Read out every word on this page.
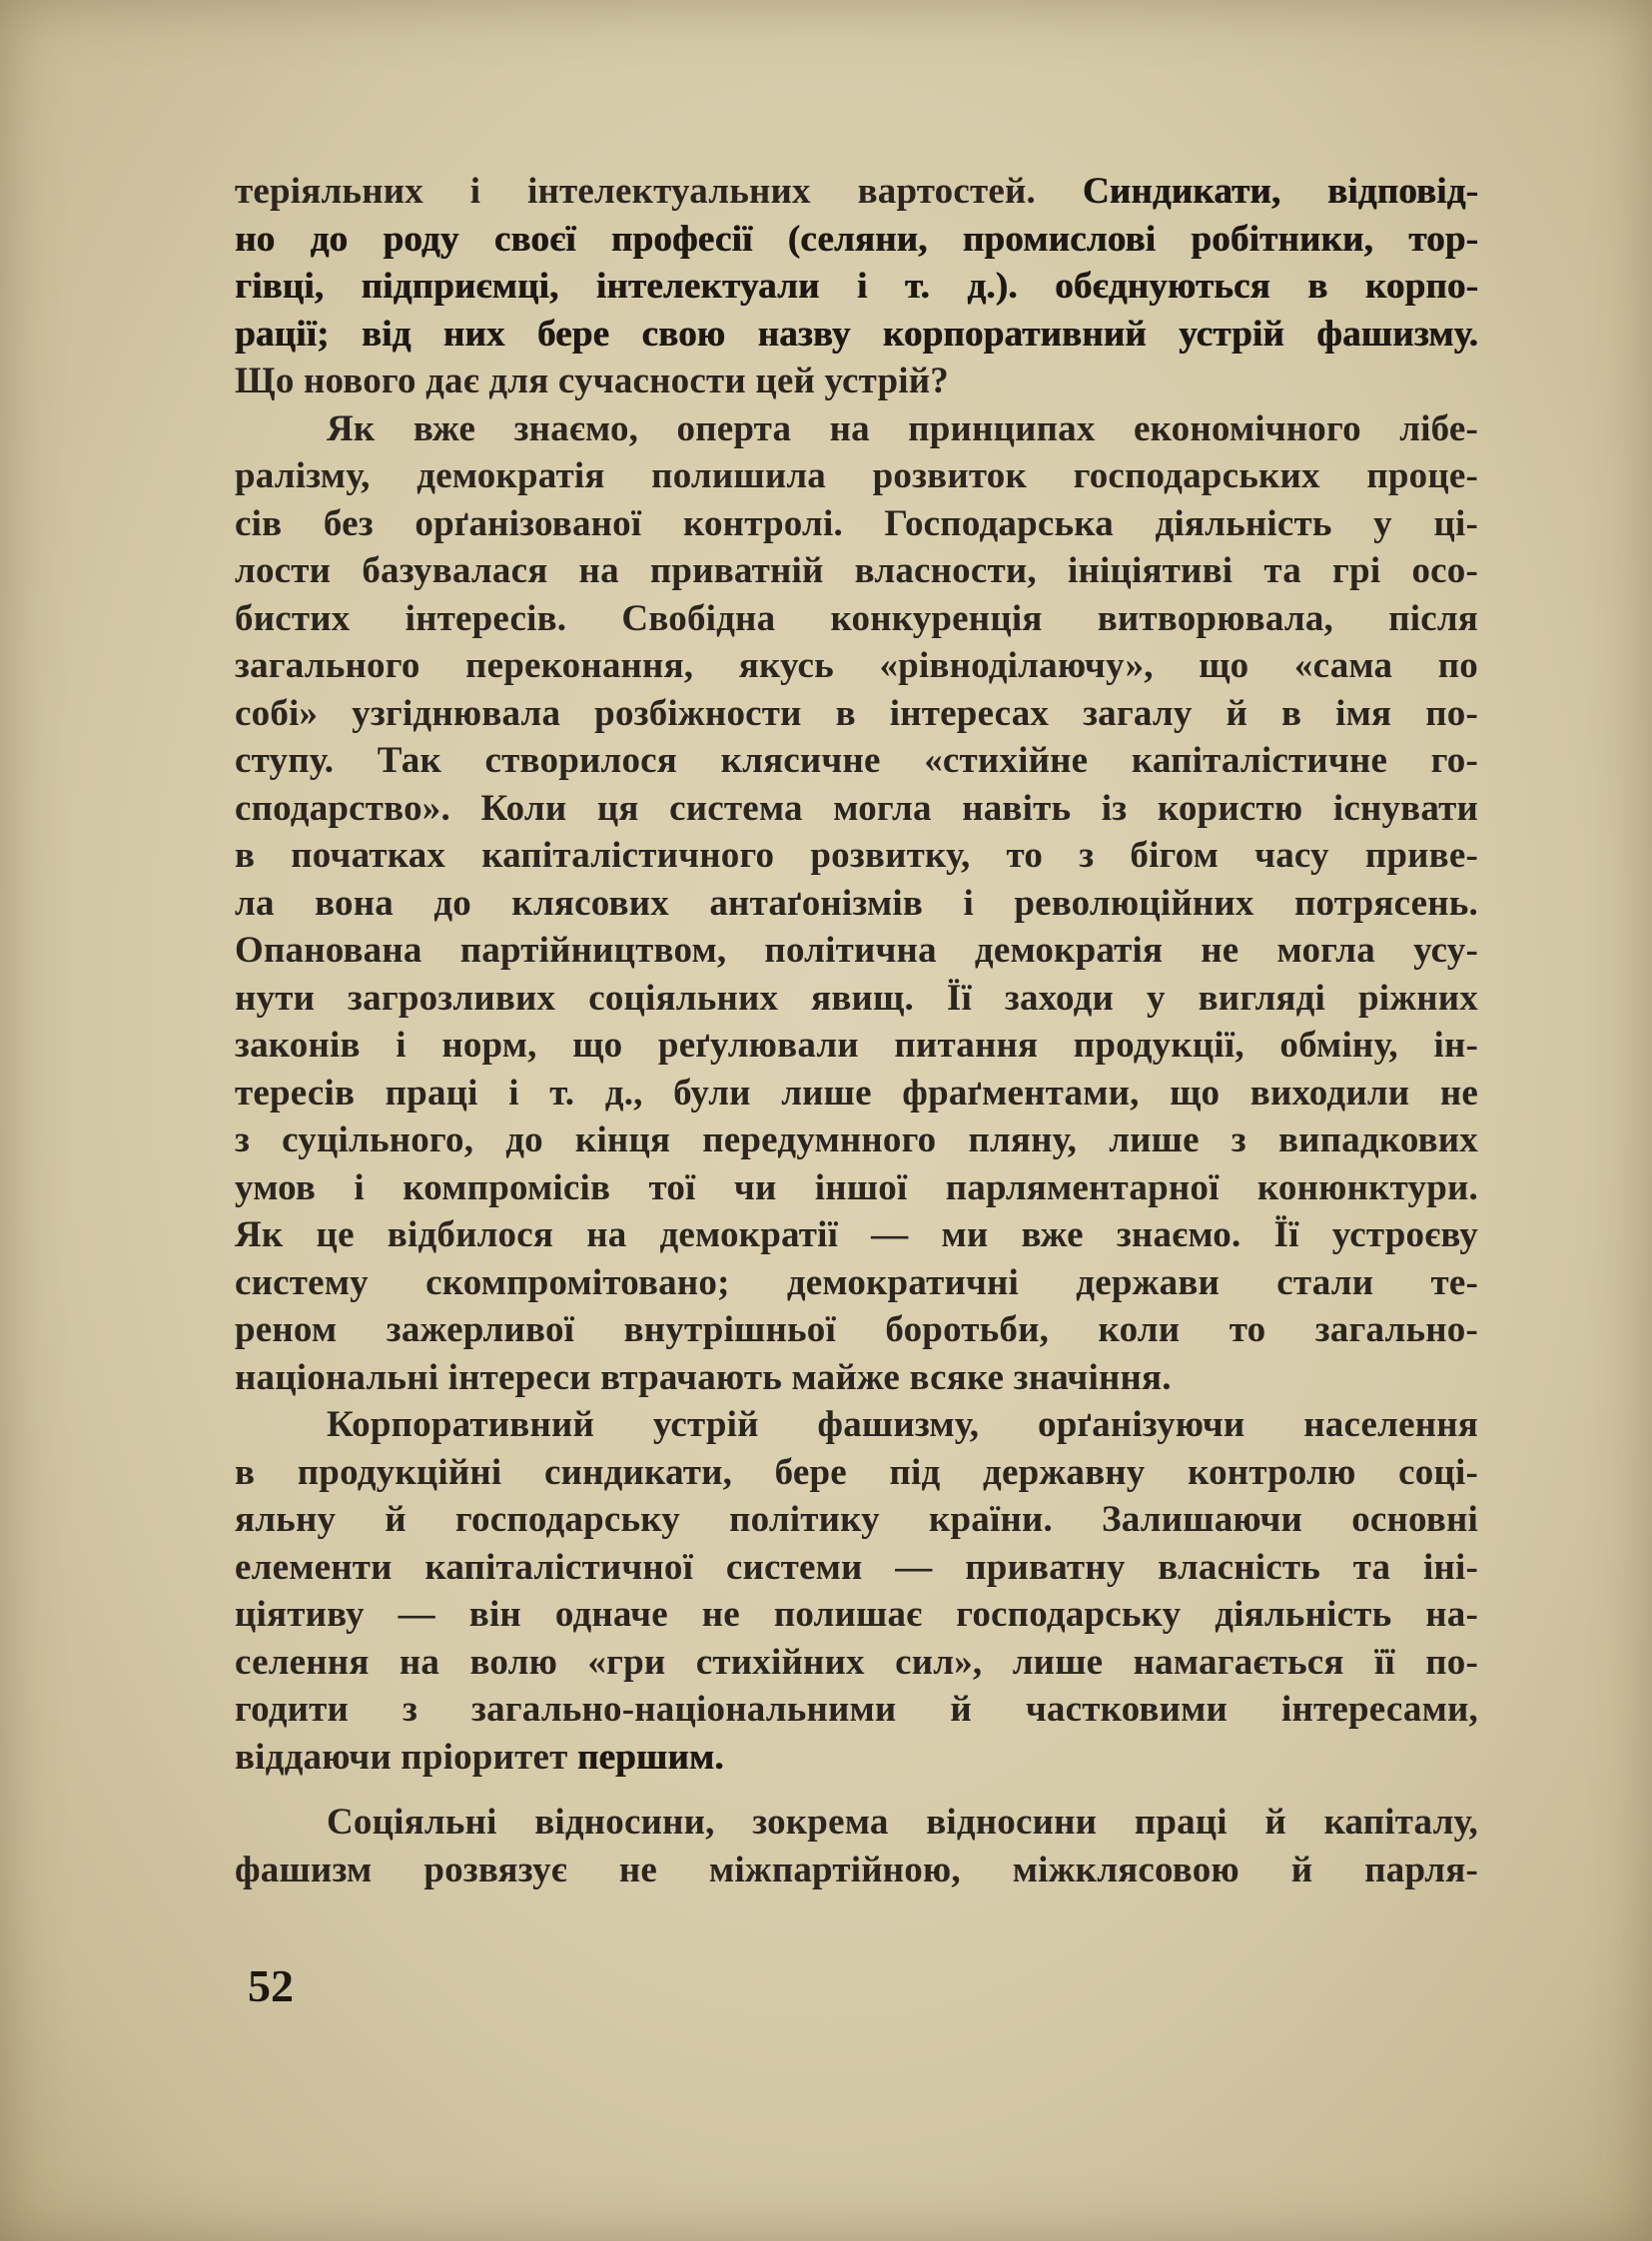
теріяльних і інтелектуальних вартостей. Синдикати, відповід-
но до роду своєї професії (селяни, промислові робітники, тор-
гівці, підприємці, інтелектуали і т. д.). обєднуються в корпо-
рації; від них бере свою назву корпоративний устрій фашизму.
Що нового дає для сучасности цей устрій?
Як вже знаємо, оперта на принципах економічного лібе-
ралізму, демократія полишила розвиток господарських проце-
сів без орґанізованої контролі. Господарська діяльність у ці-
лости базувалася на приватній власности, ініціятиві та грі осо-
бистих інтересів. Свобідна конкуренція витворювала, після
загального переконання, якусь «рівноділаючу», що «сама по
собі» узгіднювала розбіжности в інтересах загалу й в імя по-
ступу. Так створилося клясичне «стихійне капіталістичне го-
сподарство». Коли ця система могла навіть із користю існувати
в початках капіталістичного розвитку, то з бігом часу приве-
ла вона до клясових антаґонізмів і революційних потрясень.
Опанована партійництвом, політична демократія не могла усу-
нути загрозливих соціяльних явищ. Її заходи у вигляді ріжних
законів і норм, що реґулювали питання продукції, обміну, ін-
тересів праці і т. д., були лише фраґментами, що виходили не
з суцільного, до кінця передумнного пляну, лише з випадкових
умов і компромісів тої чи іншої парляментарної конюнктури.
Як це відбилося на демократії — ми вже знаємо. Її устроєву
систему скомпромітовано; демократичні держави стали те-
реном зажерливої внутрішньої боротьби, коли то загально-
національні інтереси втрачають майже всяке значіння.
Корпоративний устрій фашизму, орґанізуючи населення
в продукційні синдикати, бере під державну контролю соці-
яльну й господарську політику країни. Залишаючи основні
елементи капіталістичної системи — приватну власність та іні-
ціятиву — він одначе не полишає господарську діяльність на-
селення на волю «гри стихійних сил», лише намагається її по-
годити з загально-національними й частковими інтересами,
віддаючи пріоритет першим.
Соціяльні відносини, зокрема відносини праці й капіталу,
фашизм розвязує не міжпартійною, міжклясовою й парля-
52
